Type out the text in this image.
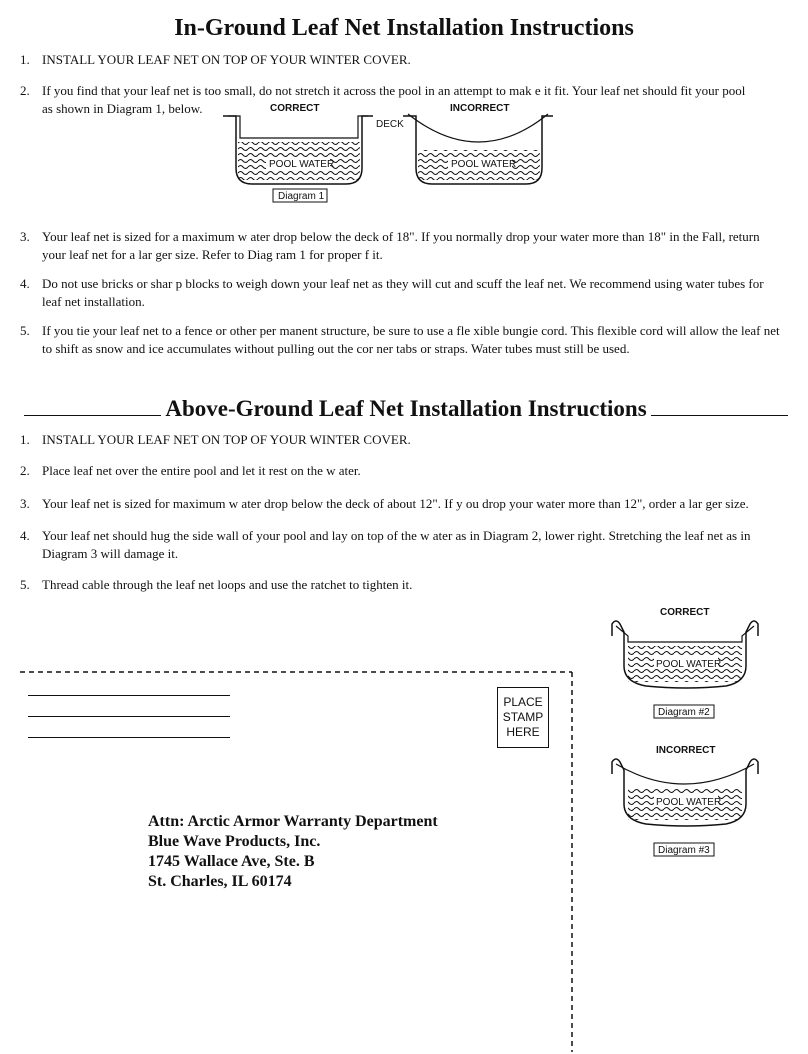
In-Ground Leaf Net Installation Instructions
1. INSTALL YOUR LEAF NET ON TOP OF YOUR WINTER COVER.
2. If you find that your leaf net is too small, do not stretch it across the pool in an attempt to mak e it fit. Your leaf net should fit your pool
as shown in Diagram 1, below.	CORRECT	INCORRECT
DECK
POOL WATER	POOL WATER
Diagram 1
3. Your leaf net is sized for a maximum w ater drop below the deck of 18". If you normally drop your water more than 18" in the Fall, return your leaf net for a lar ger size. Refer to Diag ram 1 for proper f it.
4. Do not use bricks or shar p blocks to weigh down your leaf net as they will cut and scuff the leaf net. We recommend using water tubes for leaf net installation.
5. If you tie your leaf net to a fence or other per manent structure, be sure to use a fle xible bungie cord. This flexible cord will allow the leaf net to shift as snow and ice accumulates without pulling out the cor ner tabs or straps. Water tubes must still be used.
Above-Ground Leaf Net Installation Instructions
1. INSTALL YOUR LEAF NET ON TOP OF YOUR WINTER COVER.
2. Place leaf net over the entire pool and let it rest on the w ater.
3. Your leaf net is sized for maximum w ater drop below the deck of about 12". If y ou drop your water more than 12", order a lar ger size.
4. Your leaf net should hug the side wall of your pool and lay on top of the w ater as in Diagram 2, lower right. Stretching the leaf net as in Diagram 3 will damage it.
5. Thread cable through the leaf net loops and use the ratchet to tighten it.
CORRECT
POOL WATER
Diagram #2
INCORRECT
POOL WATER
Diagram #3
PLACE
STAMP
HERE
Attn: Arctic Armor Warranty Department
Blue Wave Products, Inc.
1745 Wallace Ave, Ste. B
St. Charles, IL 60174
